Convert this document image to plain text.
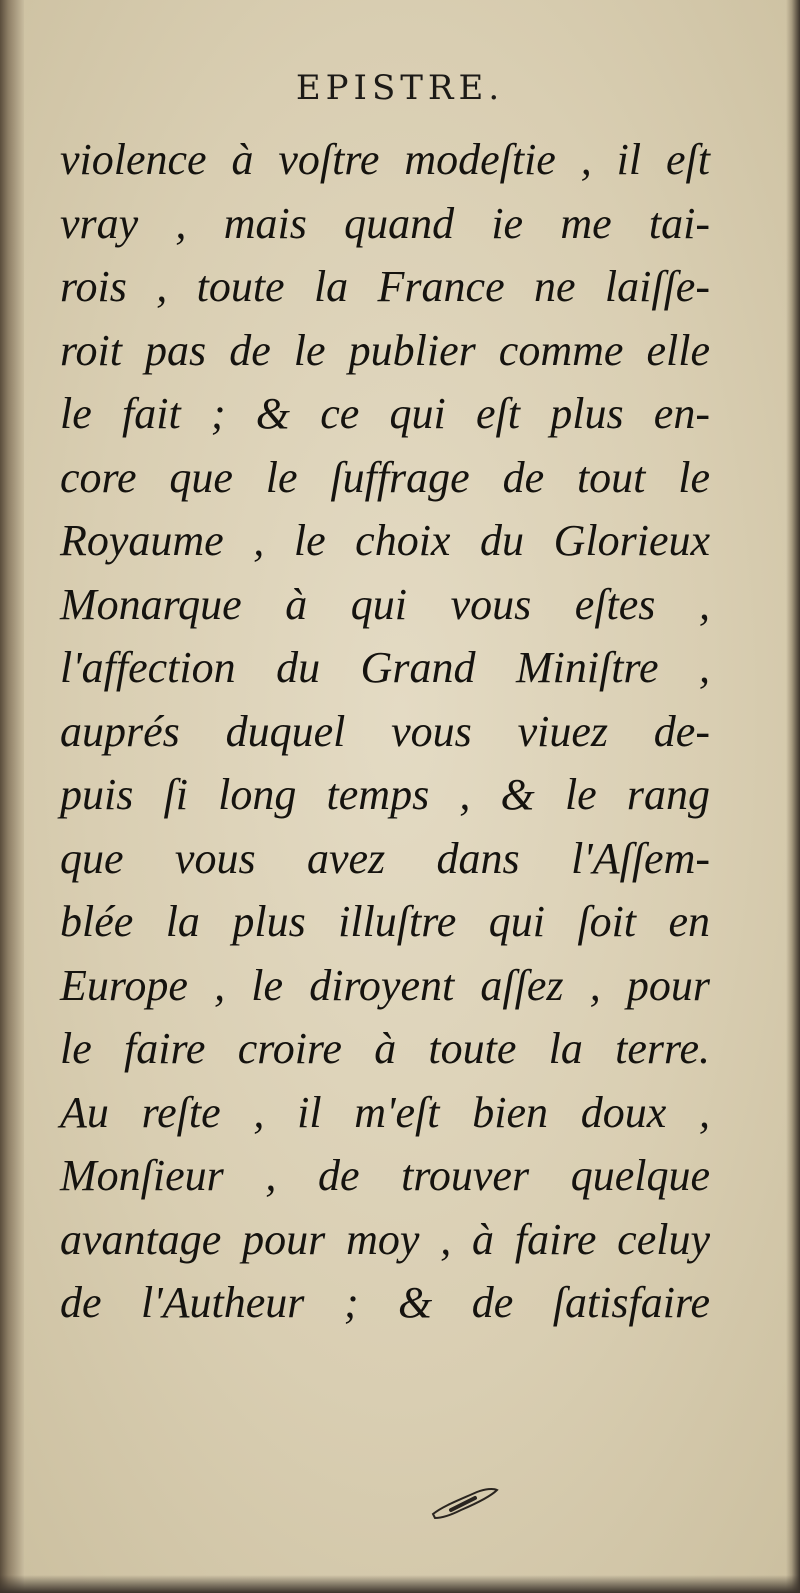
EPISTRE.
violence à voſtre modeſtie , il eſt
vray , mais quand ie me tai-
rois , toute la France ne laiſſe-
roit pas de le publier comme elle
le fait ; & ce qui eſt plus en-
core que le ſuffrage de tout le
Royaume , le choix du Glorieux
Monarque à qui vous eſtes ,
l'affection du Grand Miniſtre ,
auprés duquel vous viuez de-
puis ſi long temps , & le rang
que vous avez dans l'Aſſem-
blée la plus illuſtre qui ſoit en
Europe , le diroyent aſſez , pour
le faire croire à toute la terre.
Au reſte , il m'eſt bien doux ,
Monſieur , de trouver quelque
avantage pour moy , à faire celuy
de l'Autheur ; & de ſatisfaire
